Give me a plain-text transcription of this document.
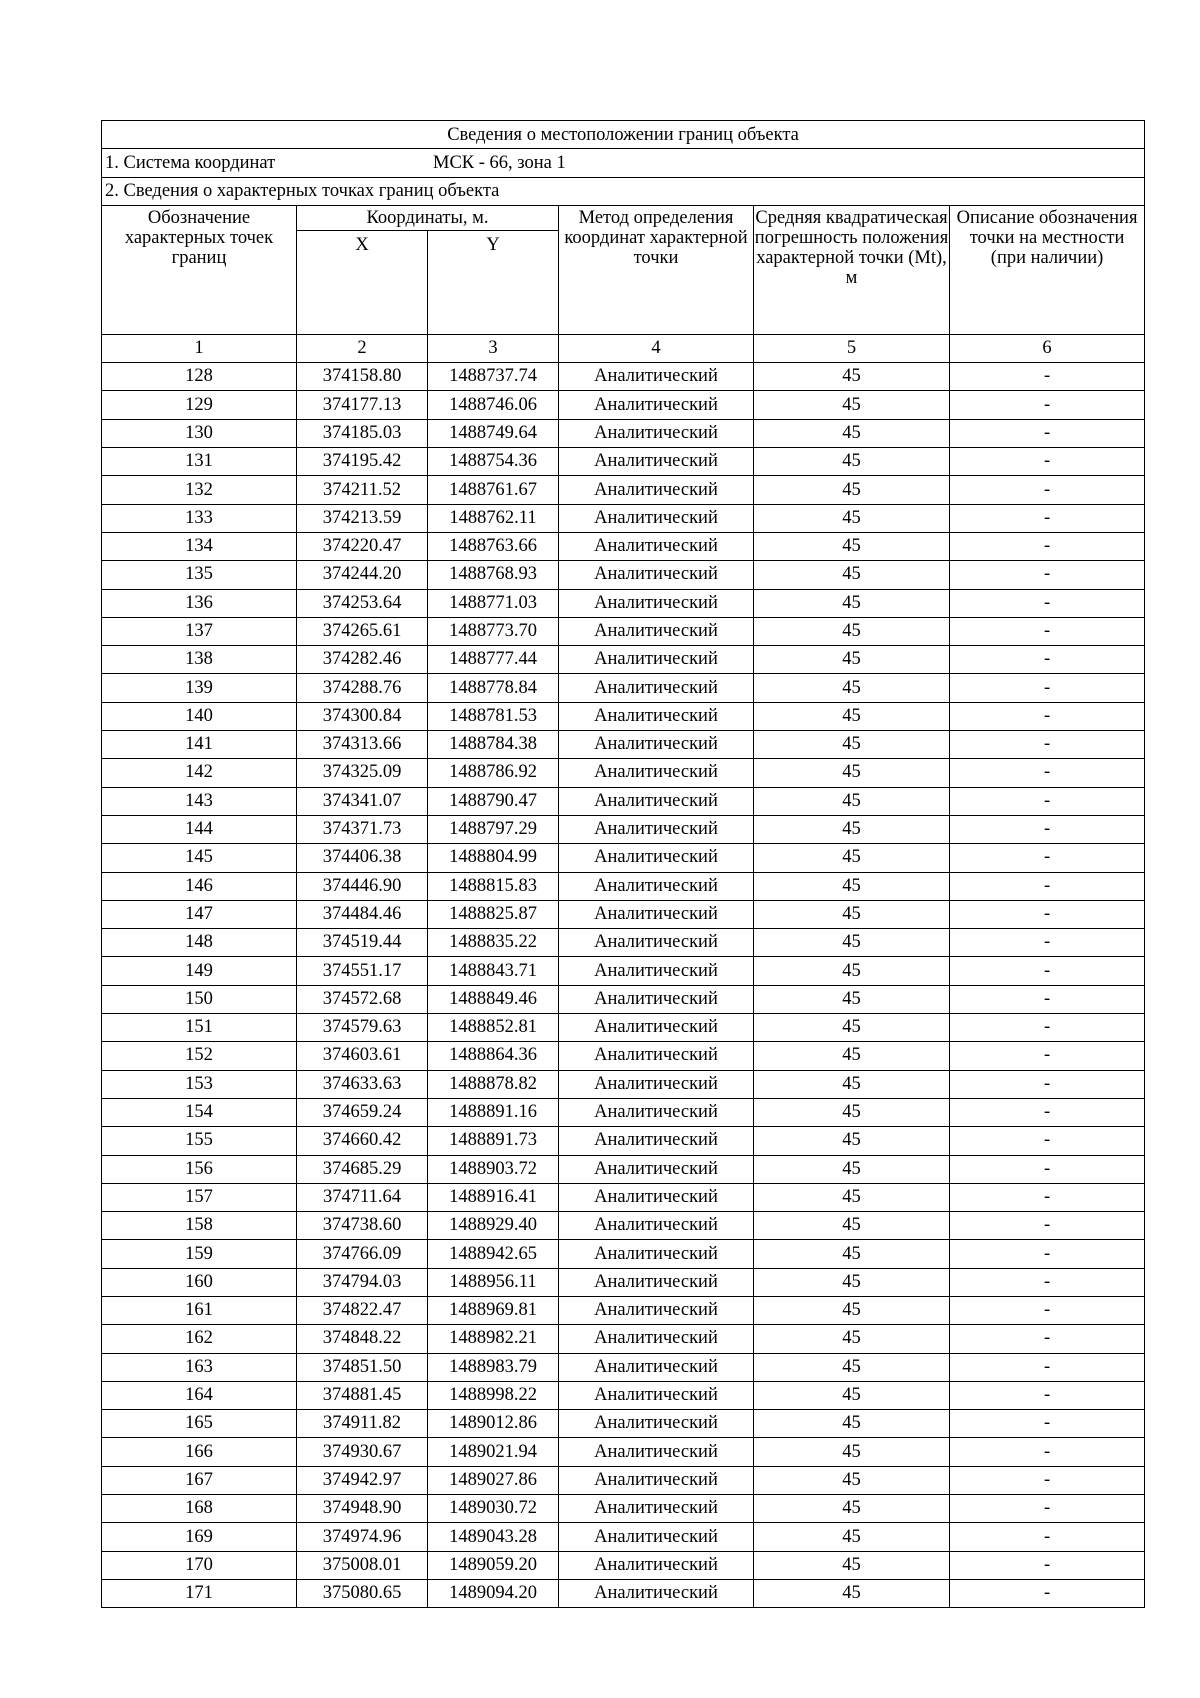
Сведения о местоположении границ объекта					
1. Система координат МСК - 66, зона 1					
2. Сведения о характерных точках границ объекта					
Обозначение характерных точек границ	Координаты, м.		Метод определения координат характерной точки	Средняя квадратическая погрешность положения характерной точки (Mt), м	Описание обозначения точки на местности (при наличии)
	X	Y			
1	2	3	4	5	6
128	374158.80	1488737.74	Аналитический	45	-
129	374177.13	1488746.06	Аналитический	45	-
130	374185.03	1488749.64	Аналитический	45	-
131	374195.42	1488754.36	Аналитический	45	-
132	374211.52	1488761.67	Аналитический	45	-
133	374213.59	1488762.11	Аналитический	45	-
134	374220.47	1488763.66	Аналитический	45	-
135	374244.20	1488768.93	Аналитический	45	-
136	374253.64	1488771.03	Аналитический	45	-
137	374265.61	1488773.70	Аналитический	45	-
138	374282.46	1488777.44	Аналитический	45	-
139	374288.76	1488778.84	Аналитический	45	-
140	374300.84	1488781.53	Аналитический	45	-
141	374313.66	1488784.38	Аналитический	45	-
142	374325.09	1488786.92	Аналитический	45	-
143	374341.07	1488790.47	Аналитический	45	-
144	374371.73	1488797.29	Аналитический	45	-
145	374406.38	1488804.99	Аналитический	45	-
146	374446.90	1488815.83	Аналитический	45	-
147	374484.46	1488825.87	Аналитический	45	-
148	374519.44	1488835.22	Аналитический	45	-
149	374551.17	1488843.71	Аналитический	45	-
150	374572.68	1488849.46	Аналитический	45	-
151	374579.63	1488852.81	Аналитический	45	-
152	374603.61	1488864.36	Аналитический	45	-
153	374633.63	1488878.82	Аналитический	45	-
154	374659.24	1488891.16	Аналитический	45	-
155	374660.42	1488891.73	Аналитический	45	-
156	374685.29	1488903.72	Аналитический	45	-
157	374711.64	1488916.41	Аналитический	45	-
158	374738.60	1488929.40	Аналитический	45	-
159	374766.09	1488942.65	Аналитический	45	-
160	374794.03	1488956.11	Аналитический	45	-
161	374822.47	1488969.81	Аналитический	45	-
162	374848.22	1488982.21	Аналитический	45	-
163	374851.50	1488983.79	Аналитический	45	-
164	374881.45	1488998.22	Аналитический	45	-
165	374911.82	1489012.86	Аналитический	45	-
166	374930.67	1489021.94	Аналитический	45	-
167	374942.97	1489027.86	Аналитический	45	-
168	374948.90	1489030.72	Аналитический	45	-
169	374974.96	1489043.28	Аналитический	45	-
170	375008.01	1489059.20	Аналитический	45	-
171	375080.65	1489094.20	Аналитический	45	-
